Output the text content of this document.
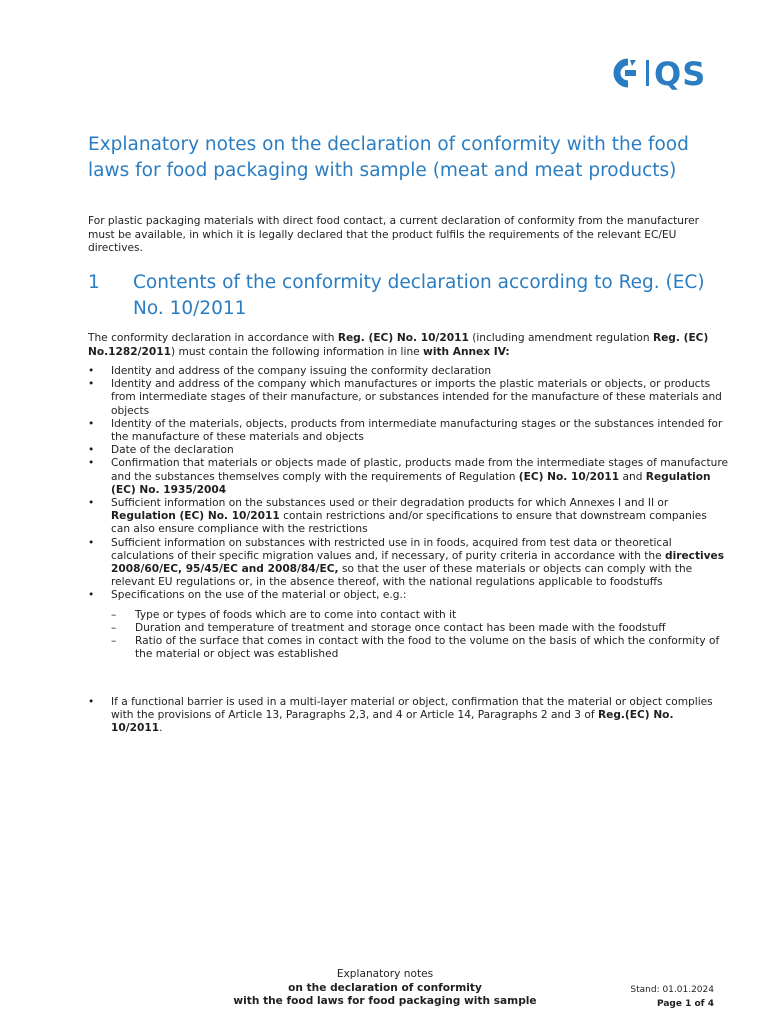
QS
Explanatory notes on the declaration of conformity with the food laws for food packaging with sample (meat and meat products)

For plastic packaging materials with direct food contact, a current declaration of conformity from the manufacturer must be available, in which it is legally declared that the product fulfils the requirements of the relevant EC/EU directives.

1 Contents of the conformity declaration according to Reg. (EC) No. 10/2011

The conformity declaration in accordance with Reg. (EC) No. 10/2011 (including amendment regulation Reg. (EC) No.1282/2011) must contain the following information in line with Annex IV:

• Identity and address of the company issuing the conformity declaration
• Identity and address of the company which manufactures or imports the plastic materials or objects, or products from intermediate stages of their manufacture, or substances intended for the manufacture of these materials and objects
• Identity of the materials, objects, products from intermediate manufacturing stages or the substances intended for the manufacture of these materials and objects
• Date of the declaration
• Confirmation that materials or objects made of plastic, products made from the intermediate stages of manufacture and the substances themselves comply with the requirements of Regulation (EC) No. 10/2011 and Regulation (EC) No. 1935/2004
• Sufficient information on the substances used or their degradation products for which Annexes I and II or Regulation (EC) No. 10/2011 contain restrictions and/or specifications to ensure that downstream companies can also ensure compliance with the restrictions
• Sufficient information on substances with restricted use in in foods, acquired from test data or theoretical calculations of their specific migration values and, if necessary, of purity criteria in accordance with the directives 2008/60/EC, 95/45/EC and 2008/84/EC, so that the user of these materials or objects can comply with the relevant EU regulations or, in the absence thereof, with the national regulations applicable to foodstuffs
• Specifications on the use of the material or object, e.g.:
– Type or types of foods which are to come into contact with it
– Duration and temperature of treatment and storage once contact has been made with the foodstuff
– Ratio of the surface that comes in contact with the food to the volume on the basis of which the conformity of the material or object was established
• If a functional barrier is used in a multi-layer material or object, confirmation that the material or object complies with the provisions of Article 13, Paragraphs 2,3, and 4 or Article 14, Paragraphs 2 and 3 of Reg.(EC) No. 10/2011.
Explanatory notes
on the declaration of conformity
with the food laws for food packaging with sample
Stand: 01.01.2024
Page 1 of 4
